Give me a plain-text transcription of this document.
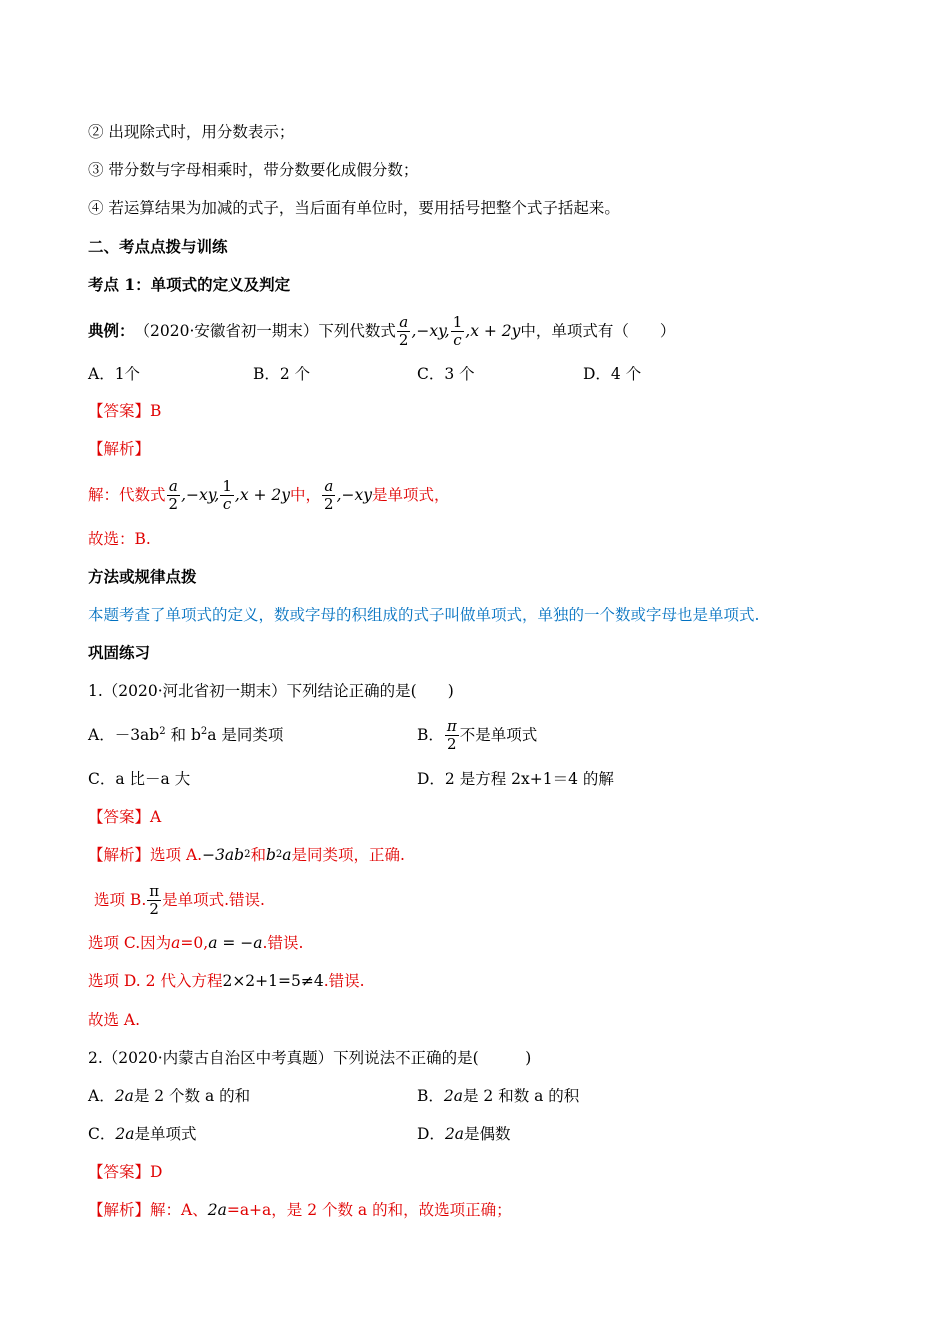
② 出现除式时，用分数表示；
③ 带分数与字母相乘时，带分数要化成假分数；
④ 若运算结果为加减的式子，当后面有单位时，要用括号把整个式子括起来。
二、考点点拨与训练
考点 1：单项式的定义及判定
典例： （2020·安徽省初一期末）下列代数式 $\frac{a}{2} ,-xy$, $\frac{1}{c} ,x + 2y$ 中，单项式有（　　）
A．1个	B．2 个	C．3 个	D．4 个
【答案】B
【解析】
解：代数式 $\frac{a}{2} ,-xy$, $\frac{1}{c} ,x + 2y$ 中， $\frac{a}{2} ,-xy$ 是单项式，
故选：B.
方法或规律点拨
本题考查了单项式的定义，数或字母的积组成的式子叫做单项式，单独的一个数或字母也是单项式.
巩固练习
1.（2020·河北省初一期末）下列结论正确的是(　　)
A．$-3ab^2$ 和 $b^2a$ 是同类项	B． $\frac{\pi}{2}$ 不是单项式
C．a 比－a 大	D．2 是方程 2x+1＝4 的解
【答案】A
【解析】 选项 A. −3ab 2 和 b 2 a 是同类项，正确.
选项 B. $\frac{\pi}{2}$ 是单项式.错误.
选项 C.因为 a =0, a = −a .错误.
选项 D. 2 代入方程 2×2+1=5≠4 .错误.
故选 A.
2.（2020·内蒙古自治区中考真题）下列说法不正确的是(　　　)
A．2a是 2 个数 a 的和	B．2a是 2 和数 a 的积
C．2a是单项式	D．2a是偶数
【答案】D
【解析】 解：A、 2a =a+a，是 2 个数 a 的和，故选项正确；
